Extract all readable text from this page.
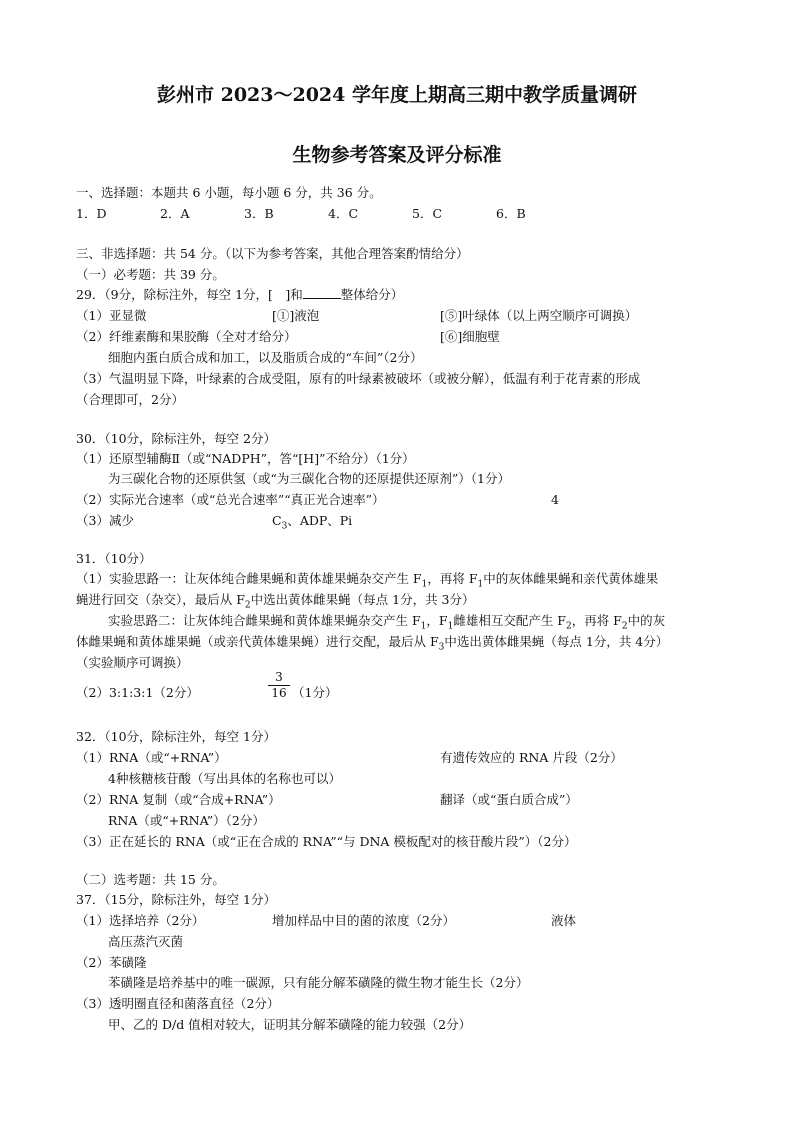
彭州市 2023～2024 学年度上期高三期中教学质量调研
生物参考答案及评分标准
一、选择题：本题共 6 小题，每小题 6 分，共 36 分。
1．D	2．A	3．B	4．C	5．C	6．B
三、非选择题：共 54 分。（以下为参考答案，其他合理答案酌情给分）
（一）必考题：共 39 分。
29．（9分，除标注外，每空 1分，[　]和	整体给分）
（1）亚显微	[①]液泡	[⑤]叶绿体（以上两空顺序可调换）
（2）纤维素酶和果胶酶（全对才给分）	[⑥]细胞壁
细胞内蛋白质合成和加工，以及脂质合成的“车间”（2分）
（3）气温明显下降，叶绿素的合成受阻，原有的叶绿素被破坏（或被分解），低温有利于花青素的形成
（合理即可，2分）
30．（10分，除标注外，每空 2分）
（1）还原型辅酶Ⅱ（或“NADPH”，答“[H]”不给分）（1分）
为三碳化合物的还原供氢（或“为三碳化合物的还原提供还原剂”）（1分）
（2）实际光合速率（或“总光合速率”“真正光合速率”）	4
（3）减少	$C_3$、ADP、Pi
31．（10分）
（1）实验思路一：让灰体纯合雌果蝇和黄体雄果蝇杂交产生 $F_1$，再将 $F_1$中的灰体雌果蝇和亲代黄体雄果
蝇进行回交（杂交），最后从 $F_2$中选出黄体雌果蝇（每点 1分，共 3分）
实验思路二：让灰体纯合雌果蝇和黄体雄果蝇杂交产生 $F_1$，$F_1$雌雄相互交配产生 $F_2$，再将 $F_2$中的灰
体雌果蝇和黄体雄果蝇（或亲代黄体雄果蝇）进行交配，最后从 $F_3$中选出黄体雌果蝇（每点 1分，共 4分）
（实验顺序可调换）
（2）3:1:3:1（2分）
3
16 （1分）
32．（10分，除标注外，每空 1分）
（1）RNA（或“+RNA”）	有遗传效应的 RNA 片段（2分）
4种核糖核苷酸（写出具体的名称也可以）
（2）RNA 复制（或“合成+RNA”）	翻译（或“蛋白质合成”）
RNA（或“+RNA”）（2分）
（3）正在延长的 RNA（或“正在合成的 RNA”“与 DNA 模板配对的核苷酸片段”）（2分）
（二）选考题：共 15 分。
37．（15分，除标注外，每空 1分）
（1）选择培养（2分）	增加样品中目的菌的浓度（2分）	液体
高压蒸汽灭菌
（2）苯磺隆
苯磺隆是培养基中的唯一碳源，只有能分解苯磺隆的微生物才能生长（2分）
（3）透明圈直径和菌落直径（2分）
甲、乙的 D/d 值相对较大，证明其分解苯磺隆的能力较强（2分）
